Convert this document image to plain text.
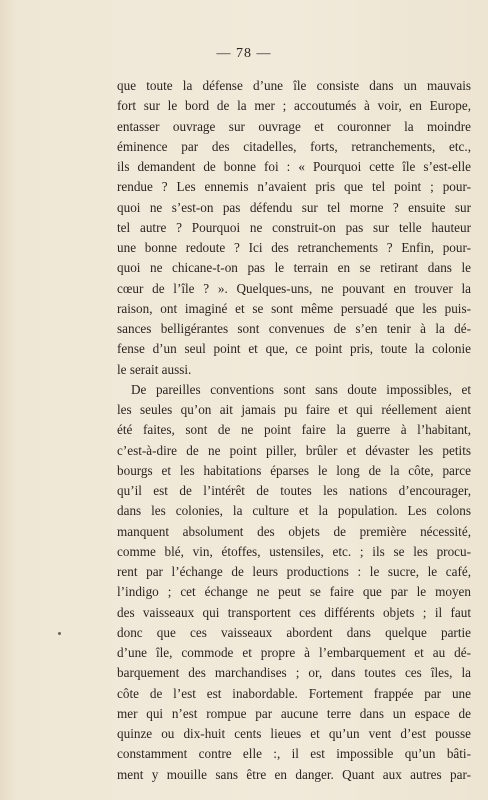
— 78 —
que toute la défense d’une île consiste dans un mauvais
fort sur le bord de la mer ; accoutumés à voir, en Europe,
entasser ouvrage sur ouvrage et couronner la moindre
éminence par des citadelles, forts, retranchements, etc.,
ils demandent de bonne foi : « Pourquoi cette île s’est-elle
rendue ? Les ennemis n’avaient pris que tel point ; pour-
quoi ne s’est-on pas défendu sur tel morne ? ensuite sur
tel autre ? Pourquoi ne construit-on pas sur telle hauteur
une bonne redoute ? Ici des retranchements ? Enfin, pour-
quoi ne chicane-t-on pas le terrain en se retirant dans le
cœur de l’île ? ». Quelques-uns, ne pouvant en trouver la
raison, ont imaginé et se sont même persuadé que les puis-
sances belligérantes sont convenues de s’en tenir à la dé-
fense d’un seul point et que, ce point pris, toute la colonie
le serait aussi.
De pareilles conventions sont sans doute impossibles, et
les seules qu’on ait jamais pu faire et qui réellement aient
été faites, sont de ne point faire la guerre à l’habitant,
c’est-à-dire de ne point piller, brûler et dévaster les petits
bourgs et les habitations éparses le long de la côte, parce
qu’il est de l’intérêt de toutes les nations d’encourager,
dans les colonies, la culture et la population. Les colons
manquent absolument des objets de première nécessité,
comme blé, vin, étoffes, ustensiles, etc. ; ils se les procu-
rent par l’échange de leurs productions : le sucre, le café,
l’indigo ; cet échange ne peut se faire que par le moyen
des vaisseaux qui transportent ces différents objets ; il faut
donc que ces vaisseaux abordent dans quelque partie
d’une île, commode et propre à l’embarquement et au dé-
barquement des marchandises ; or, dans toutes ces îles, la
côte de l’est est inabordable. Fortement frappée par une
mer qui n’est rompue par aucune terre dans un espace de
quinze ou dix-huit cents lieues et qu’un vent d’est pousse
constamment contre elle :, il est impossible qu’un bâti-
ment y mouille sans être en danger. Quant aux autres par-
